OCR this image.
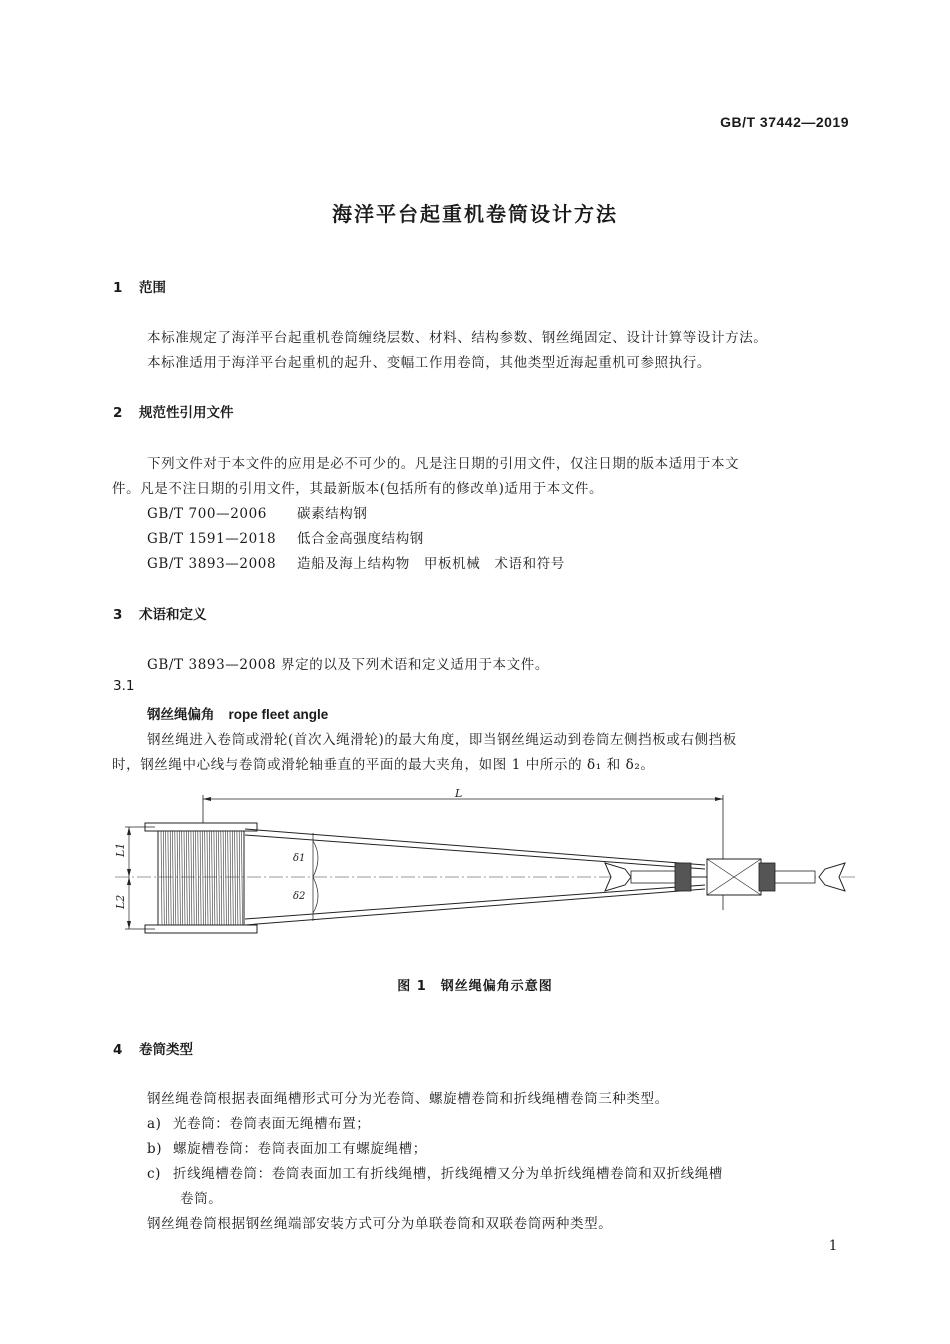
GB/T 37442—2019
海洋平台起重机卷筒设计方法
1 范围
本标准规定了海洋平台起重机卷筒缠绕层数、材料、结构参数、钢丝绳固定、设计计算等设计方法。
本标准适用于海洋平台起重机的起升、变幅工作用卷筒，其他类型近海起重机可参照执行。
2 规范性引用文件
下列文件对于本文件的应用是必不可少的。凡是注日期的引用文件，仅注日期的版本适用于本文
件。凡是不注日期的引用文件，其最新版本(包括所有的修改单)适用于本文件。
GB/T 700—2006 碳素结构钢
GB/T 1591—2018 低合金高强度结构钢
GB/T 3893—2008 造船及海上结构物　甲板机械　术语和符号
3 术语和定义
GB/T 3893—2008 界定的以及下列术语和定义适用于本文件。
3.1
钢丝绳偏角 rope fleet angle
钢丝绳进入卷筒或滑轮(首次入绳滑轮)的最大角度，即当钢丝绳运动到卷筒左侧挡板或右侧挡板
时，钢丝绳中心线与卷筒或滑轮轴垂直的平面的最大夹角，如图 1 中所示的 δ₁ 和 δ₂。
L
L1
L2
δ1
δ2
图 1　钢丝绳偏角示意图
4 卷筒类型
钢丝绳卷筒根据表面绳槽形式可分为光卷筒、螺旋槽卷筒和折线绳槽卷筒三种类型。
a) 光卷筒：卷筒表面无绳槽布置；
b) 螺旋槽卷筒：卷筒表面加工有螺旋绳槽；
c) 折线绳槽卷筒：卷筒表面加工有折线绳槽，折线绳槽又分为单折线绳槽卷筒和双折线绳槽
卷筒。
钢丝绳卷筒根据钢丝绳端部安装方式可分为单联卷筒和双联卷筒两种类型。
1
